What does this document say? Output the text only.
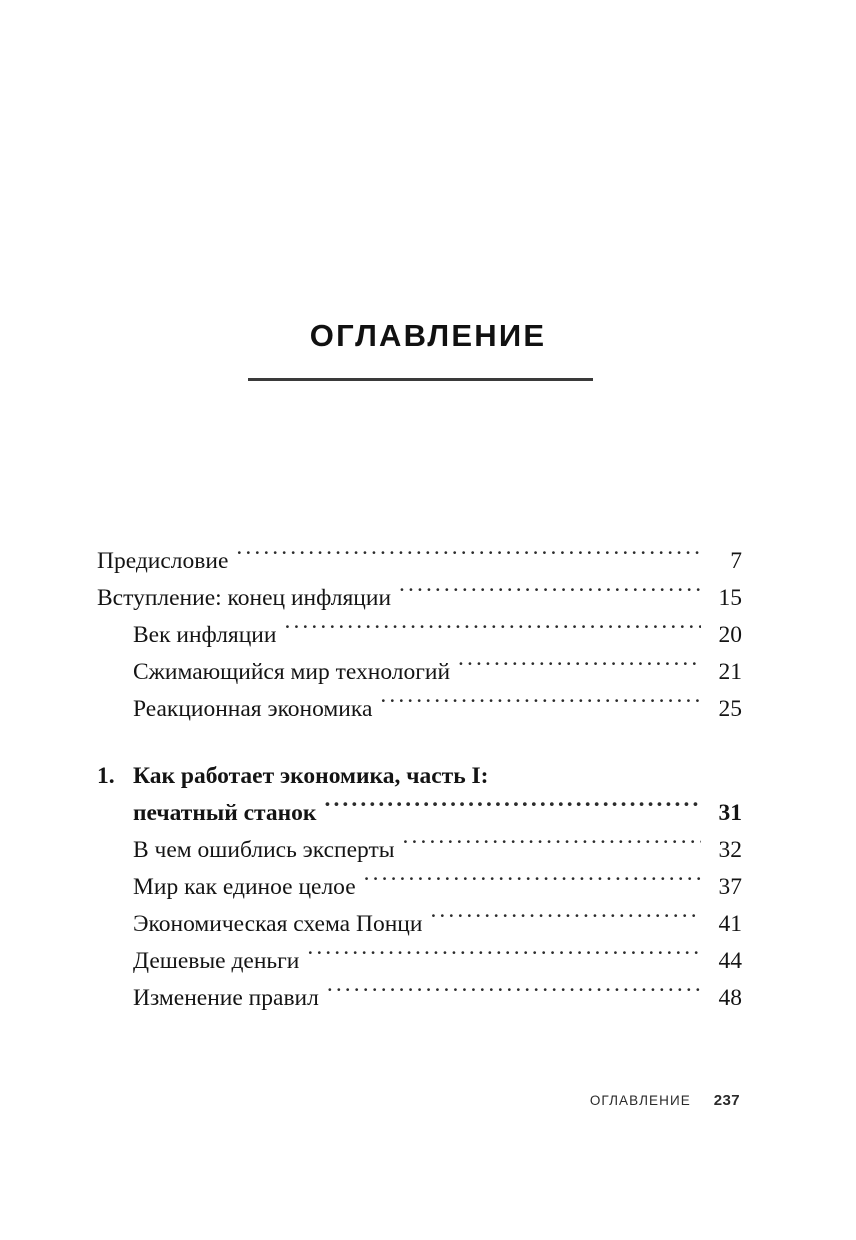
ОГЛАВЛЕНИЕ
Предисловие .....	7
Вступление: конец инфляции .....	15
Век инфляции .....	20
Сжимающийся мир технологий .....	21
Реакционная экономика .....	25
1. Как работает экономика, часть I:
печатный станок .....	31
В чем ошиблись эксперты .....	32
Мир как единое целое .....	37
Экономическая схема Понци .....	41
Дешевые деньги .....	44
Изменение правил .....	48
ОГЛАВЛЕНИЕ 237
